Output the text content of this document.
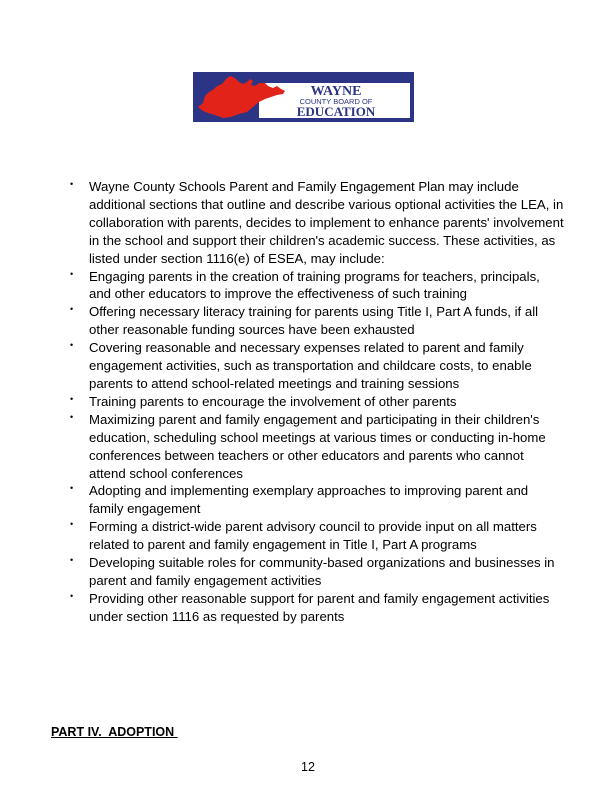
WAYNE
COUNTY BOARD OF
EDUCATION
• Wayne County Schools Parent and Family Engagement Plan may include
additional sections that outline and describe various optional activities the LEA, in
collaboration with parents, decides to implement to enhance parents' involvement
in the school and support their children's academic success. These activities, as
listed under section 1116(e) of ESEA, may include:
• Engaging parents in the creation of training programs for teachers, principals,
and other educators to improve the effectiveness of such training
• Offering necessary literacy training for parents using Title I, Part A funds, if all
other reasonable funding sources have been exhausted
• Covering reasonable and necessary expenses related to parent and family
engagement activities, such as transportation and childcare costs, to enable
parents to attend school-related meetings and training sessions
• Training parents to encourage the involvement of other parents
• Maximizing parent and family engagement and participating in their children's
education, scheduling school meetings at various times or conducting in-home
conferences between teachers or other educators and parents who cannot
attend school conferences
• Adopting and implementing exemplary approaches to improving parent and
family engagement
• Forming a district-wide parent advisory council to provide input on all matters
related to parent and family engagement in Title I, Part A programs
• Developing suitable roles for community-based organizations and businesses in
parent and family engagement activities
• Providing other reasonable support for parent and family engagement activities
under section 1116 as requested by parents

PART IV.  ADOPTION

12
